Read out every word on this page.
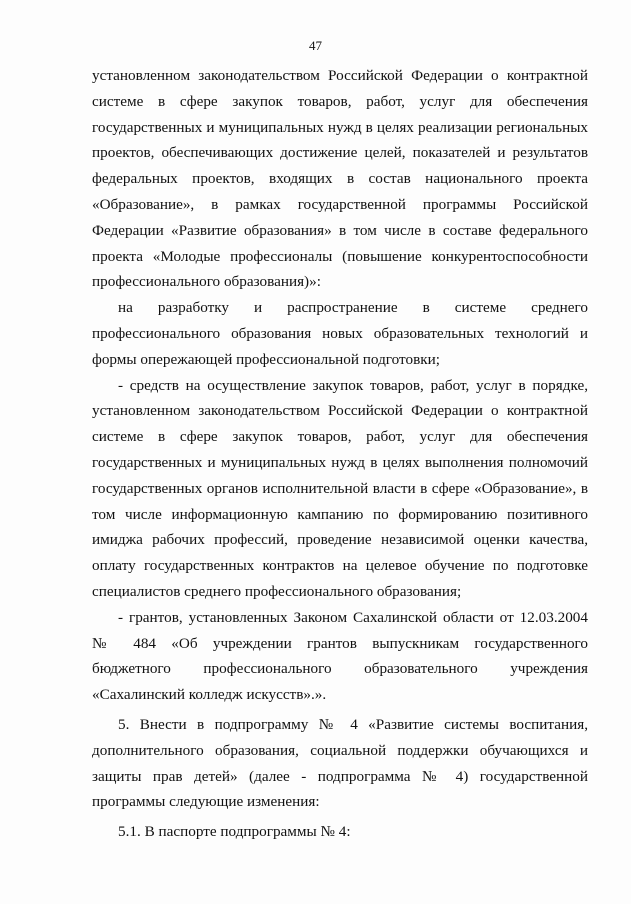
47

установленном законодательством Российской Федерации о контрактной системе в сфере закупок товаров, работ, услуг для обеспечения государственных и муниципальных нужд в целях реализации региональных проектов, обеспечивающих достижение целей, показателей и результатов федеральных проектов, входящих в состав национального проекта «Образование», в рамках государственной программы Российской Федерации «Развитие образования» в том числе в составе федерального проекта «Молодые профессионалы (повышение конкурентоспособности профессионального образования)»:

на разработку и распространение в системе среднего профессионального образования новых образовательных технологий и формы опережающей профессиональной подготовки;

- средств на осуществление закупок товаров, работ, услуг в порядке, установленном законодательством Российской Федерации о контрактной системе в сфере закупок товаров, работ, услуг для обеспечения государственных и муниципальных нужд в целях выполнения полномочий государственных органов исполнительной власти в сфере «Образование», в том числе информационную кампанию по формированию позитивного имиджа рабочих профессий, проведение независимой оценки качества, оплату государственных контрактов на целевое обучение по подготовке специалистов среднего профессионального образования;

- грантов, установленных Законом Сахалинской области от 12.03.2004 № 484 «Об учреждении грантов выпускникам государственного бюджетного профессионального образовательного учреждения «Сахалинский колледж искусств».».

5. Внести в подпрограмму № 4 «Развитие системы воспитания, дополнительного образования, социальной поддержки обучающихся и защиты прав детей» (далее - подпрограмма № 4) государственной программы следующие изменения:

5.1. В паспорте подпрограммы № 4:
